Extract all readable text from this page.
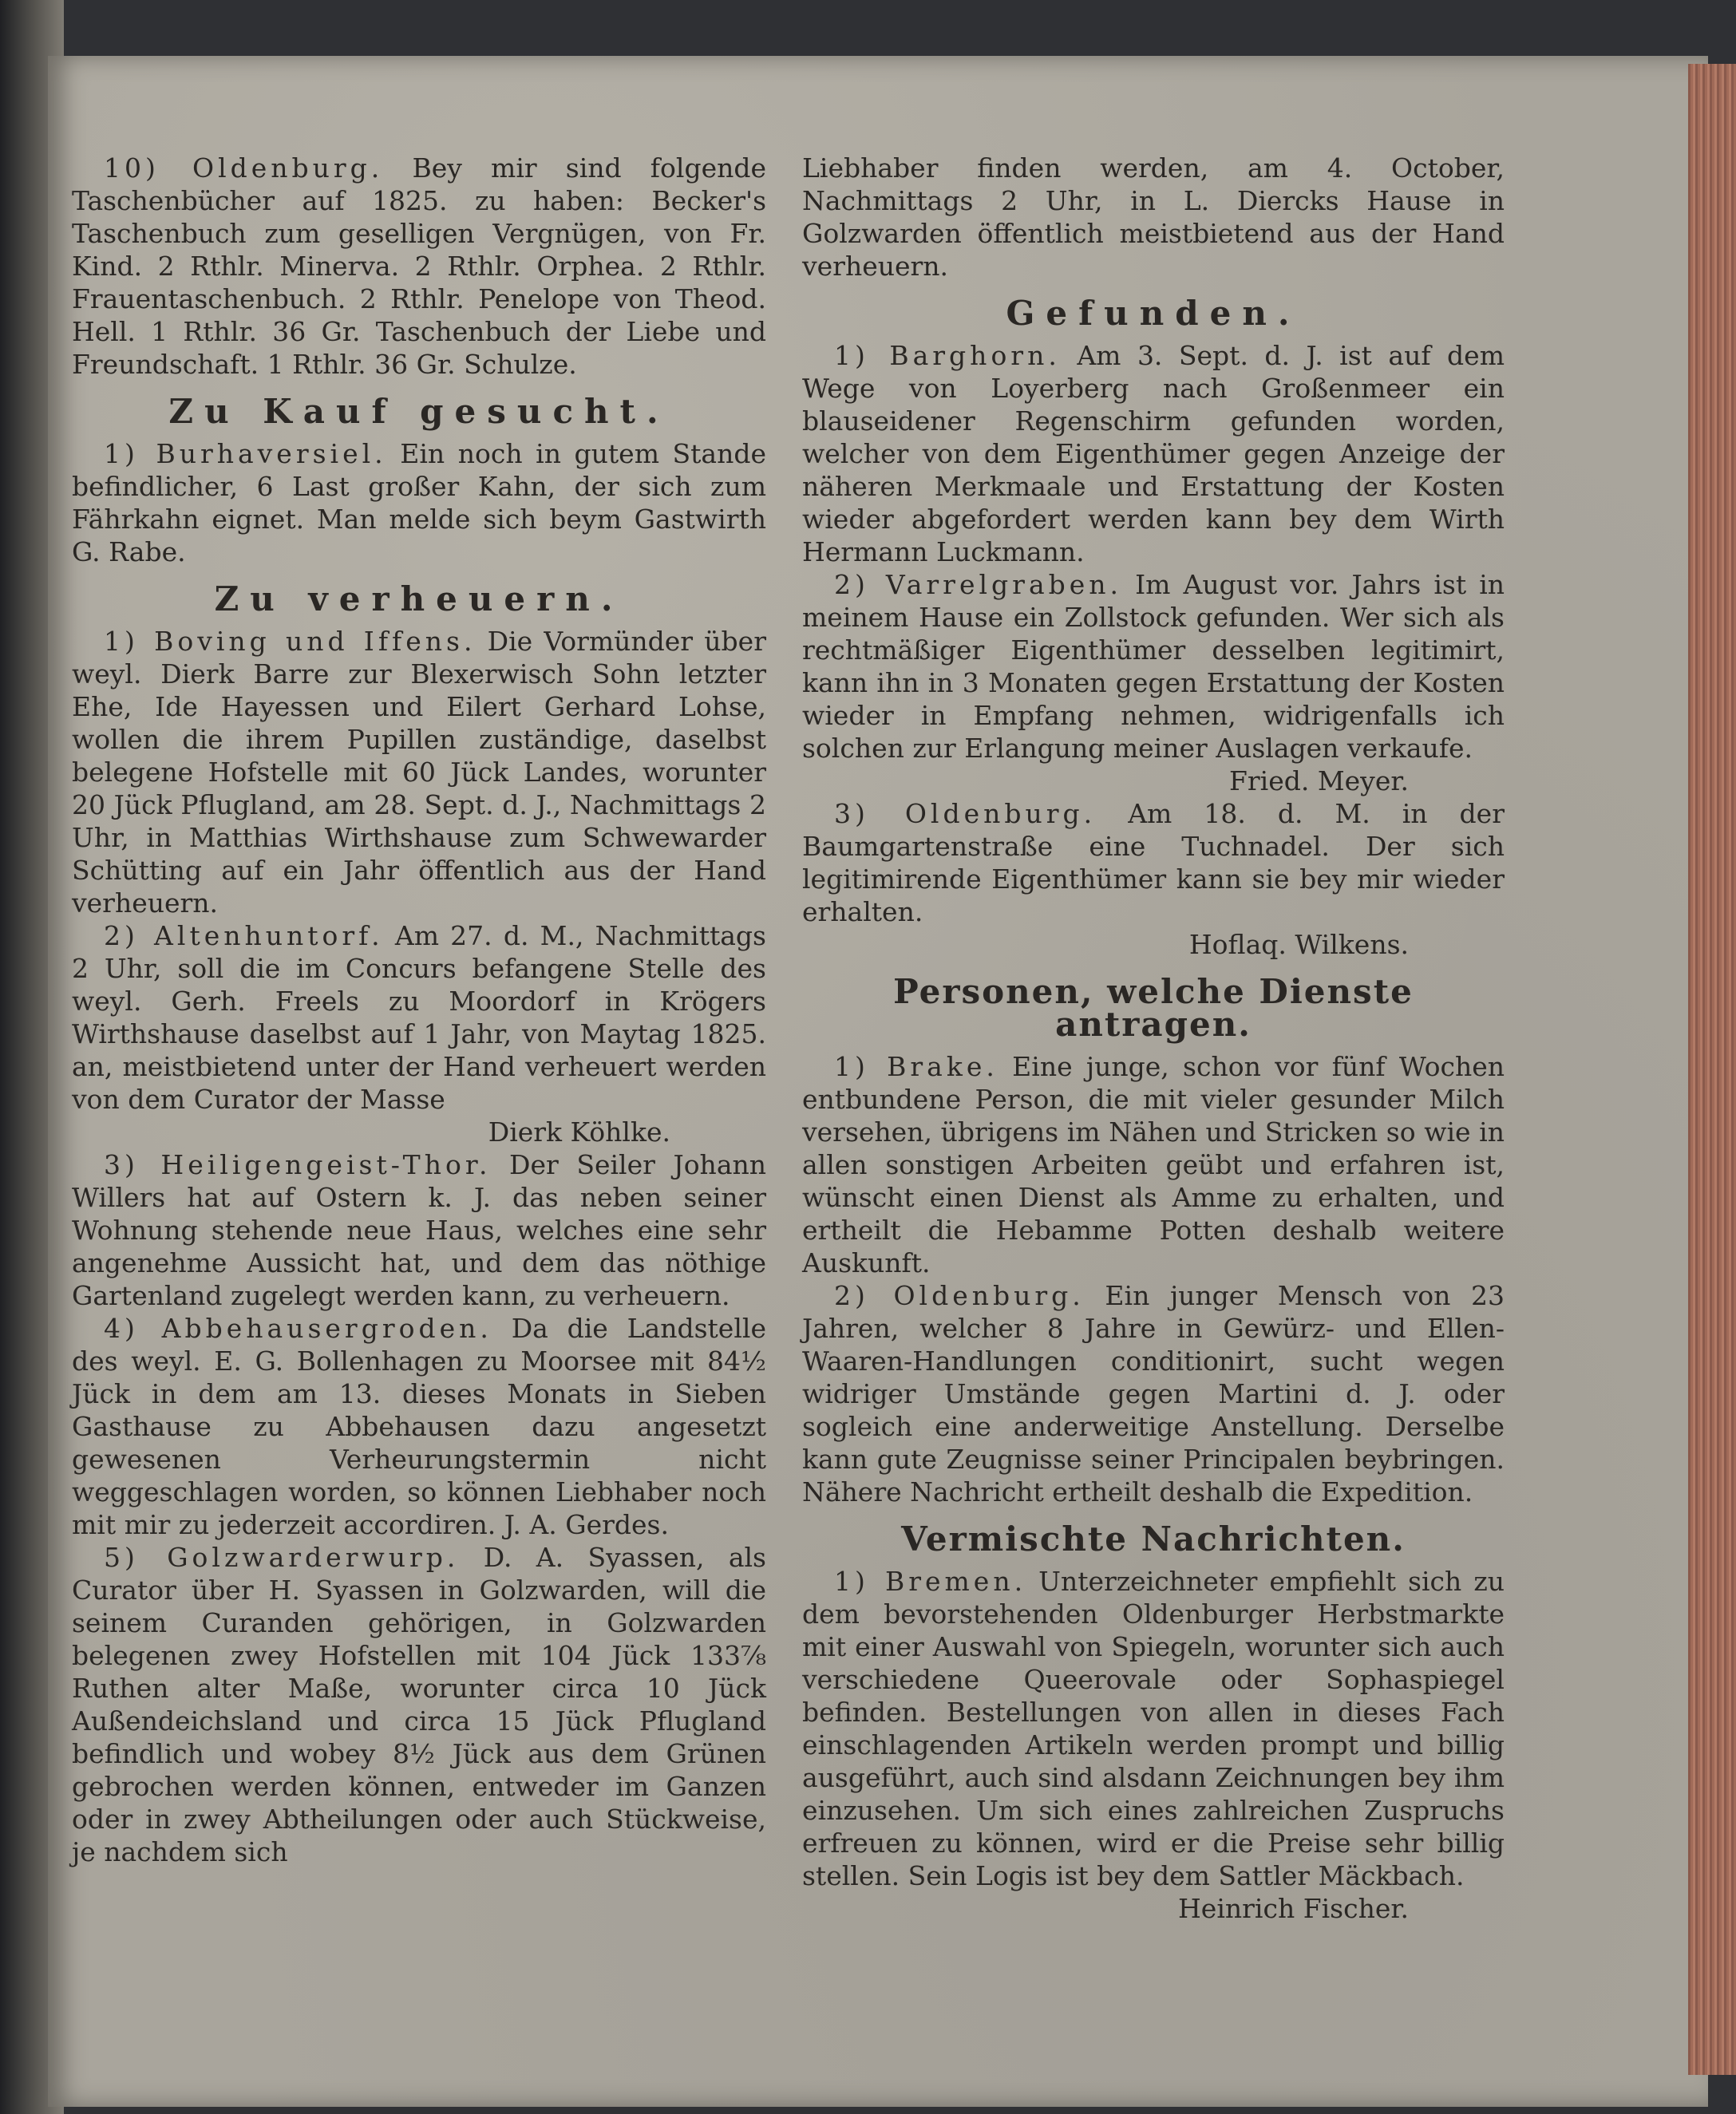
10) Oldenburg. Bey mir sind folgende Taschenbücher auf 1825. zu haben: Becker's Taschenbuch zum geselligen Vergnügen, von Fr. Kind. 2 Rthlr. Minerva. 2 Rthlr. Orphea. 2 Rthlr. Frauentaschenbuch. 2 Rthlr. Penelope von Theod. Hell. 1 Rthlr. 36 Gr. Taschenbuch der Liebe und Freundschaft. 1 Rthlr. 36 Gr. Schulze.

Zu Kauf gesucht.

1) Burhaversiel. Ein noch in gutem Stande befindlicher, 6 Last großer Kahn, der sich zum Fährkahn eignet. Man melde sich beym Gastwirth G. Rabe.

Zu verheuern.

1) Boving und Iffens. Die Vormünder über weyl. Dierk Barre zur Blexerwisch Sohn letzter Ehe, Ide Hayessen und Eilert Gerhard Lohse, wollen die ihrem Pupillen zuständige, daselbst belegene Hofstelle mit 60 Jück Landes, worunter 20 Jück Pflugland, am 28. Sept. d. J., Nachmittags 2 Uhr, in Matthias Wirthshause zum Schwewarder Schütting auf ein Jahr öffentlich aus der Hand verheuern.

2) Altenhuntorf. Am 27. d. M., Nachmittags 2 Uhr, soll die im Concurs befangene Stelle des weyl. Gerh. Freels zu Moordorf in Krögers Wirthshause daselbst auf 1 Jahr, von Maytag 1825. an, meistbietend unter der Hand verheuert werden von dem Curator der Masse

Dierk Köhlke.

3) Heiligengeist-Thor. Der Seiler Johann Willers hat auf Ostern k. J. das neben seiner Wohnung stehende neue Haus, welches eine sehr angenehme Aussicht hat, und dem das nöthige Gartenland zugelegt werden kann, zu verheuern.

4) Abbehausergroden. Da die Landstelle des weyl. E. G. Bollenhagen zu Moorsee mit 84½ Jück in dem am 13. dieses Monats in Sieben Gasthause zu Abbehausen dazu angesetzt gewesenen Verheurungstermin nicht weggeschlagen worden, so können Liebhaber noch mit mir zu jederzeit accordiren. J. A. Gerdes.

5) Golzwarderwurp. D. A. Syassen, als Curator über H. Syassen in Golzwarden, will die seinem Curanden gehörigen, in Golzwarden belegenen zwey Hofstellen mit 104 Jück 133⅞ Ruthen alter Maße, worunter circa 10 Jück Außendeichsland und circa 15 Jück Pflugland befindlich und wobey 8½ Jück aus dem Grünen gebrochen werden können, entweder im Ganzen oder in zwey Abtheilungen oder auch Stückweise, je nachdem sich

Liebhaber finden werden, am 4. October, Nachmittags 2 Uhr, in L. Diercks Hause in Golzwarden öffentlich meistbietend aus der Hand verheuern.

Gefunden.

1) Barghorn. Am 3. Sept. d. J. ist auf dem Wege von Loyerberg nach Großenmeer ein blauseidener Regenschirm gefunden worden, welcher von dem Eigenthümer gegen Anzeige der näheren Merkmaale und Erstattung der Kosten wieder abgefordert werden kann bey dem Wirth Hermann Luckmann.

2) Varrelgraben. Im August vor. Jahrs ist in meinem Hause ein Zollstock gefunden. Wer sich als rechtmäßiger Eigenthümer desselben legitimirt, kann ihn in 3 Monaten gegen Erstattung der Kosten wieder in Empfang nehmen, widrigenfalls ich solchen zur Erlangung meiner Auslagen verkaufe.

Fried. Meyer.

3) Oldenburg. Am 18. d. M. in der Baumgartenstraße eine Tuchnadel. Der sich legitimirende Eigenthümer kann sie bey mir wieder erhalten.

Hoflaq. Wilkens.

Personen, welche Dienste antragen.

1) Brake. Eine junge, schon vor fünf Wochen entbundene Person, die mit vieler gesunder Milch versehen, übrigens im Nähen und Stricken so wie in allen sonstigen Arbeiten geübt und erfahren ist, wünscht einen Dienst als Amme zu erhalten, und ertheilt die Hebamme Potten deshalb weitere Auskunft.

2) Oldenburg. Ein junger Mensch von 23 Jahren, welcher 8 Jahre in Gewürz- und Ellen-Waaren-Handlungen conditionirt, sucht wegen widriger Umstände gegen Martini d. J. oder sogleich eine anderweitige Anstellung. Derselbe kann gute Zeugnisse seiner Principalen beybringen. Nähere Nachricht ertheilt deshalb die Expedition.

Vermischte Nachrichten.

1) Bremen. Unterzeichneter empfiehlt sich zu dem bevorstehenden Oldenburger Herbstmarkte mit einer Auswahl von Spiegeln, worunter sich auch verschiedene Queerovale oder Sophaspiegel befinden. Bestellungen von allen in dieses Fach einschlagenden Artikeln werden prompt und billig ausgeführt, auch sind alsdann Zeichnungen bey ihm einzusehen. Um sich eines zahlreichen Zuspruchs erfreuen zu können, wird er die Preise sehr billig stellen. Sein Logis ist bey dem Sattler Mäckbach.

Heinrich Fischer.
